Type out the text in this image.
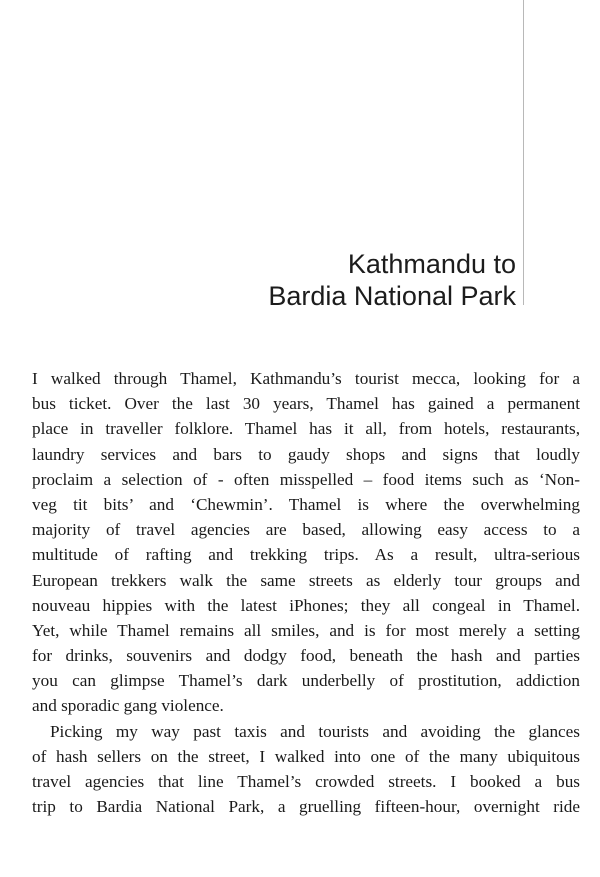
Kathmandu to
Bardia National Park
I walked through Thamel, Kathmandu’s tourist mecca, looking for a
bus ticket. Over the last 30 years, Thamel has gained a permanent
place in traveller folklore. Thamel has it all, from hotels, restaurants,
laundry services and bars to gaudy shops and signs that loudly
proclaim a selection of - often misspelled – food items such as ‘Non-
veg tit bits’ and ‘Chewmin’. Thamel is where the overwhelming
majority of travel agencies are based, allowing easy access to a
multitude of rafting and trekking trips. As a result, ultra-serious
European trekkers walk the same streets as elderly tour groups and
nouveau hippies with the latest iPhones; they all congeal in Thamel.
Yet, while Thamel remains all smiles, and is for most merely a setting
for drinks, souvenirs and dodgy food, beneath the hash and parties
you can glimpse Thamel’s dark underbelly of prostitution, addiction
and sporadic gang violence.
Picking my way past taxis and tourists and avoiding the glances
of hash sellers on the street, I walked into one of the many ubiquitous
travel agencies that line Thamel’s crowded streets. I booked a bus
trip to Bardia National Park, a gruelling fifteen-hour, overnight ride
